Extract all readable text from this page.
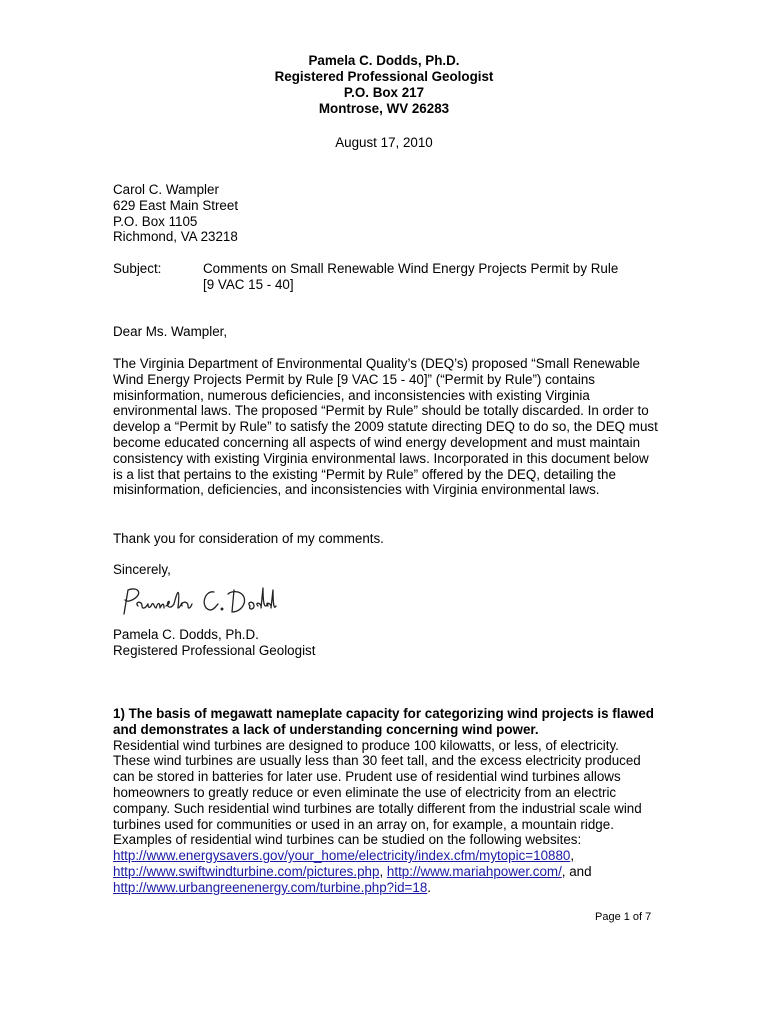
Pamela C. Dodds, Ph.D.
Registered Professional Geologist
P.O. Box 217
Montrose, WV 26283
August 17, 2010
Carol C. Wampler
629 East Main Street
P.O. Box 1105
Richmond, VA 23218
Subject:	Comments on Small Renewable Wind Energy Projects Permit by Rule [9 VAC 15 - 40]
Dear Ms. Wampler,
The Virginia Department of Environmental Quality’s (DEQ’s) proposed “Small Renewable Wind Energy Projects Permit by Rule [9 VAC 15 - 40]” (“Permit by Rule”) contains misinformation, numerous deficiencies, and inconsistencies with existing Virginia environmental laws. The proposed “Permit by Rule” should be totally discarded. In order to develop a “Permit by Rule” to satisfy the 2009 statute directing DEQ to do so, the DEQ must become educated concerning all aspects of wind energy development and must maintain consistency with existing Virginia environmental laws. Incorporated in this document below is a list that pertains to the existing “Permit by Rule” offered by the DEQ, detailing the misinformation, deficiencies, and inconsistencies with Virginia environmental laws.
Thank you for consideration of my comments.
Sincerely,
Pamela C. Dodds, Ph.D.
Registered Professional Geologist
1) The basis of megawatt nameplate capacity for categorizing wind projects is flawed and demonstrates a lack of understanding concerning wind power.
Residential wind turbines are designed to produce 100 kilowatts, or less, of electricity. These wind turbines are usually less than 30 feet tall, and the excess electricity produced can be stored in batteries for later use. Prudent use of residential wind turbines allows homeowners to greatly reduce or even eliminate the use of electricity from an electric company. Such residential wind turbines are totally different from the industrial scale wind turbines used for communities or used in an array on, for example, a mountain ridge. Examples of residential wind turbines can be studied on the following websites: http://www.energysavers.gov/your_home/electricity/index.cfm/mytopic=10880, http://www.swiftwindturbine.com/pictures.php, http://www.mariahpower.com/, and http://www.urbangreenenergy.com/turbine.php?id=18.
Page 1 of 7
